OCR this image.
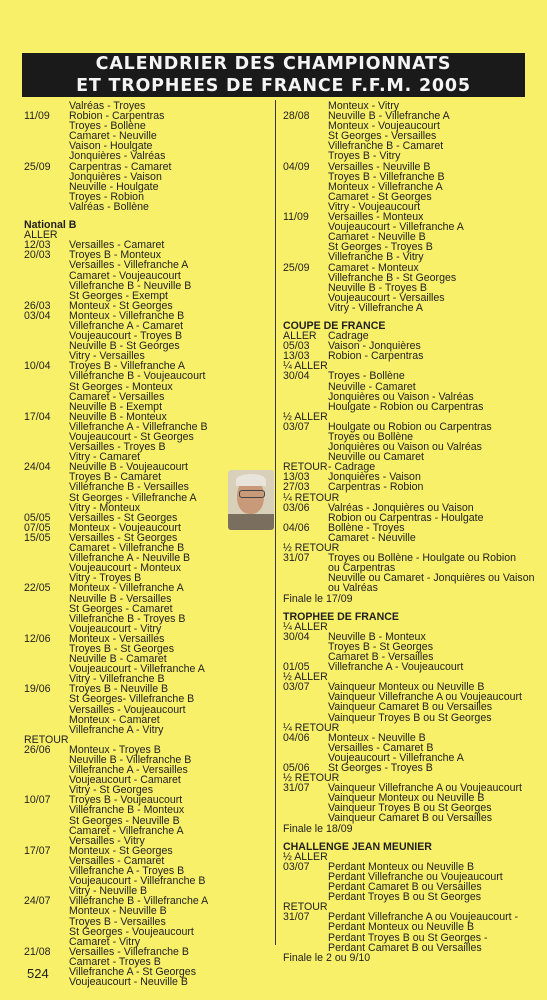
CALENDRIER DES CHAMPIONNATS
ET TROPHEES DE FRANCE F.F.M. 2005
Valréas - Troyes
11/09	Robion - Carpentras
Troyes - Bollène
Camaret - Neuville
Vaison - Houlgate
Jonquières - Valréas
25/09	Carpentras - Camaret
Jonquières - Vaison
Neuville - Houlgate
Troyes - Robion
Valréas - Bollène
National B
ALLER
12/03	Versailles - Camaret
20/03	Troyes B - Monteux
Versailles - Villefranche A
Camaret - Voujeaucourt
Villefranche B - Neuville B
St Georges - Exempt
26/03	Monteux - St Georges
03/04	Monteux - Villefranche B
Villefranche A - Camaret
Voujeaucourt - Troyes B
Neuville B - St Georges
Vitry - Versailles
10/04	Troyes B - Villefranche A
Villefranche B - Voujeaucourt
St Georges - Monteux
Camaret - Versailles
Neuville B - Exempt
17/04	Neuville B - Monteux
Villefranche A - Villefranche B
Voujeaucourt - St Georges
Versailles - Troyes B
Vitry - Camaret
24/04	Neuville B - Voujeaucourt
Troyes B - Camaret
Villefranche B - Versailles
St Georges - Villefranche A
Vitry - Monteux
05/05	Versailles - St Georges
07/05	Monteux - Voujeaucourt
15/05	Versailles - St Georges
Camaret - Villefranche B
Villefranche A - Neuville B
Voujeaucourt - Monteux
Vitry - Troyes B
22/05	Monteux - Villefranche A
Neuville B - Versailles
St Georges - Camaret
Villefranche B - Troyes B
Voujeaucourt - Vitry
12/06	Monteux - Versailles
Troyes B - St Georges
Neuville B - Camaret
Voujeaucourt - Villefranche A
Vitry - Villefranche B
19/06	Troyes B - Neuville B
St Georges- Villefranche B
Versailles - Voujeaucourt
Monteux - Camaret
Villefranche A - Vitry
RETOUR
26/06	Monteux - Troyes B
Neuville B - Villefranche B
Villefranche A - Versailles
Voujeaucourt - Camaret
Vitry - St Georges
10/07	Troyes B - Voujeaucourt
Villefranche B - Monteux
St Georges - Neuville B
Camaret - Villefranche A
Versailles - Vitry
17/07	Monteux - St Georges
Versailles - Camaret
Villefranche A - Troyes B
Voujeaucourt - Villefranche B
Vitry - Neuville B
24/07	Villefranche B - Villefranche A
Monteux - Neuville B
Troyes B - Versailles
St Georges - Voujeaucourt
Camaret - Vitry
21/08	Versailles - Villefranche B
Camaret - Troyes B
Villefranche A - St Georges
Voujeaucourt - Neuville B
Monteux - Vitry
28/08	Neuville B - Villefranche A
Monteux - Voujeaucourt
St Georges - Versailles
Villefranche B - Camaret
Troyes B - Vitry
04/09	Versailles - Neuville B
Troyes B - Villefranche B
Monteux - Villefranche A
Camaret - St Georges
Vitry - Voujeaucourt
11/09	Versailles - Monteux
Voujeaucourt - Villefranche A
Camaret - Neuville B
St Georges - Troyes B
Villefranche B - Vitry
25/09	Camaret - Monteux
Villefranche B - St Georges
Neuville B - Troyes B
Voujeaucourt - Versailles
Vitry - Villefranche A
COUPE DE FRANCE
ALLER	Cadrage
05/03	Vaison - Jonquières
13/03	Robion - Carpentras
¼ ALLER
30/04	Troyes - Bollène
Neuville - Camaret
Jonquières ou Vaison - Valréas
Houlgate - Robion ou Carpentras
½ ALLER
03/07	Houlgate ou Robion ou Carpentras
Troyes ou Bollène
Jonquières ou Vaison ou Valréas
Neuville ou Camaret
RETOUR - Cadrage
13/03	Jonquières - Vaison
27/03	Carpentras - Robion
¼ RETOUR
03/06	Valréas - Jonquières ou Vaison
Robion ou Carpentras - Houlgate
04/06	Bollène - Troyes
Camaret - Neuville
½ RETOUR
31/07	Troyes ou Bollène - Houlgate ou Robion
ou Carpentras
Neuville ou Camaret - Jonquières ou Vaison
ou Valréas
Finale le 17/09
TROPHEE DE FRANCE
¼ ALLER
30/04	Neuville B - Monteux
Troyes B - St Georges
Camaret B - Versailles
01/05	Villefranche A - Voujeaucourt
½ ALLER
03/07	Vainqueur Monteux ou Neuville B
Vainqueur Villefranche A ou Voujeaucourt
Vainqueur Camaret B ou Versailles
Vainqueur Troyes B ou St Georges
¼ RETOUR
04/06	Monteux - Neuville B
Versailles - Camaret B
Voujeaucourt - Villefranche A
05/06	St Georges - Troyes B
½ RETOUR
31/07	Vainqueur Villefranche A ou Voujeaucourt
Vainqueur Monteux ou Neuville B
Vainqueur Troyes B ou St Georges
Vainqueur Camaret B ou Versailles
Finale le 18/09
CHALLENGE JEAN MEUNIER
½ ALLER
03/07	Perdant Monteux ou Neuville B
Perdant Villefranche ou Voujeaucourt
Perdant Camaret B ou Versailles
Perdant Troyes B ou St Georges
RETOUR
31/07	Perdant Villefranche A ou Voujeaucourt -
Perdant Monteux ou Neuville B
Perdant Troyes B ou St Georges -
Perdant Camaret B ou Versailles
Finale le 2 ou 9/10
524
